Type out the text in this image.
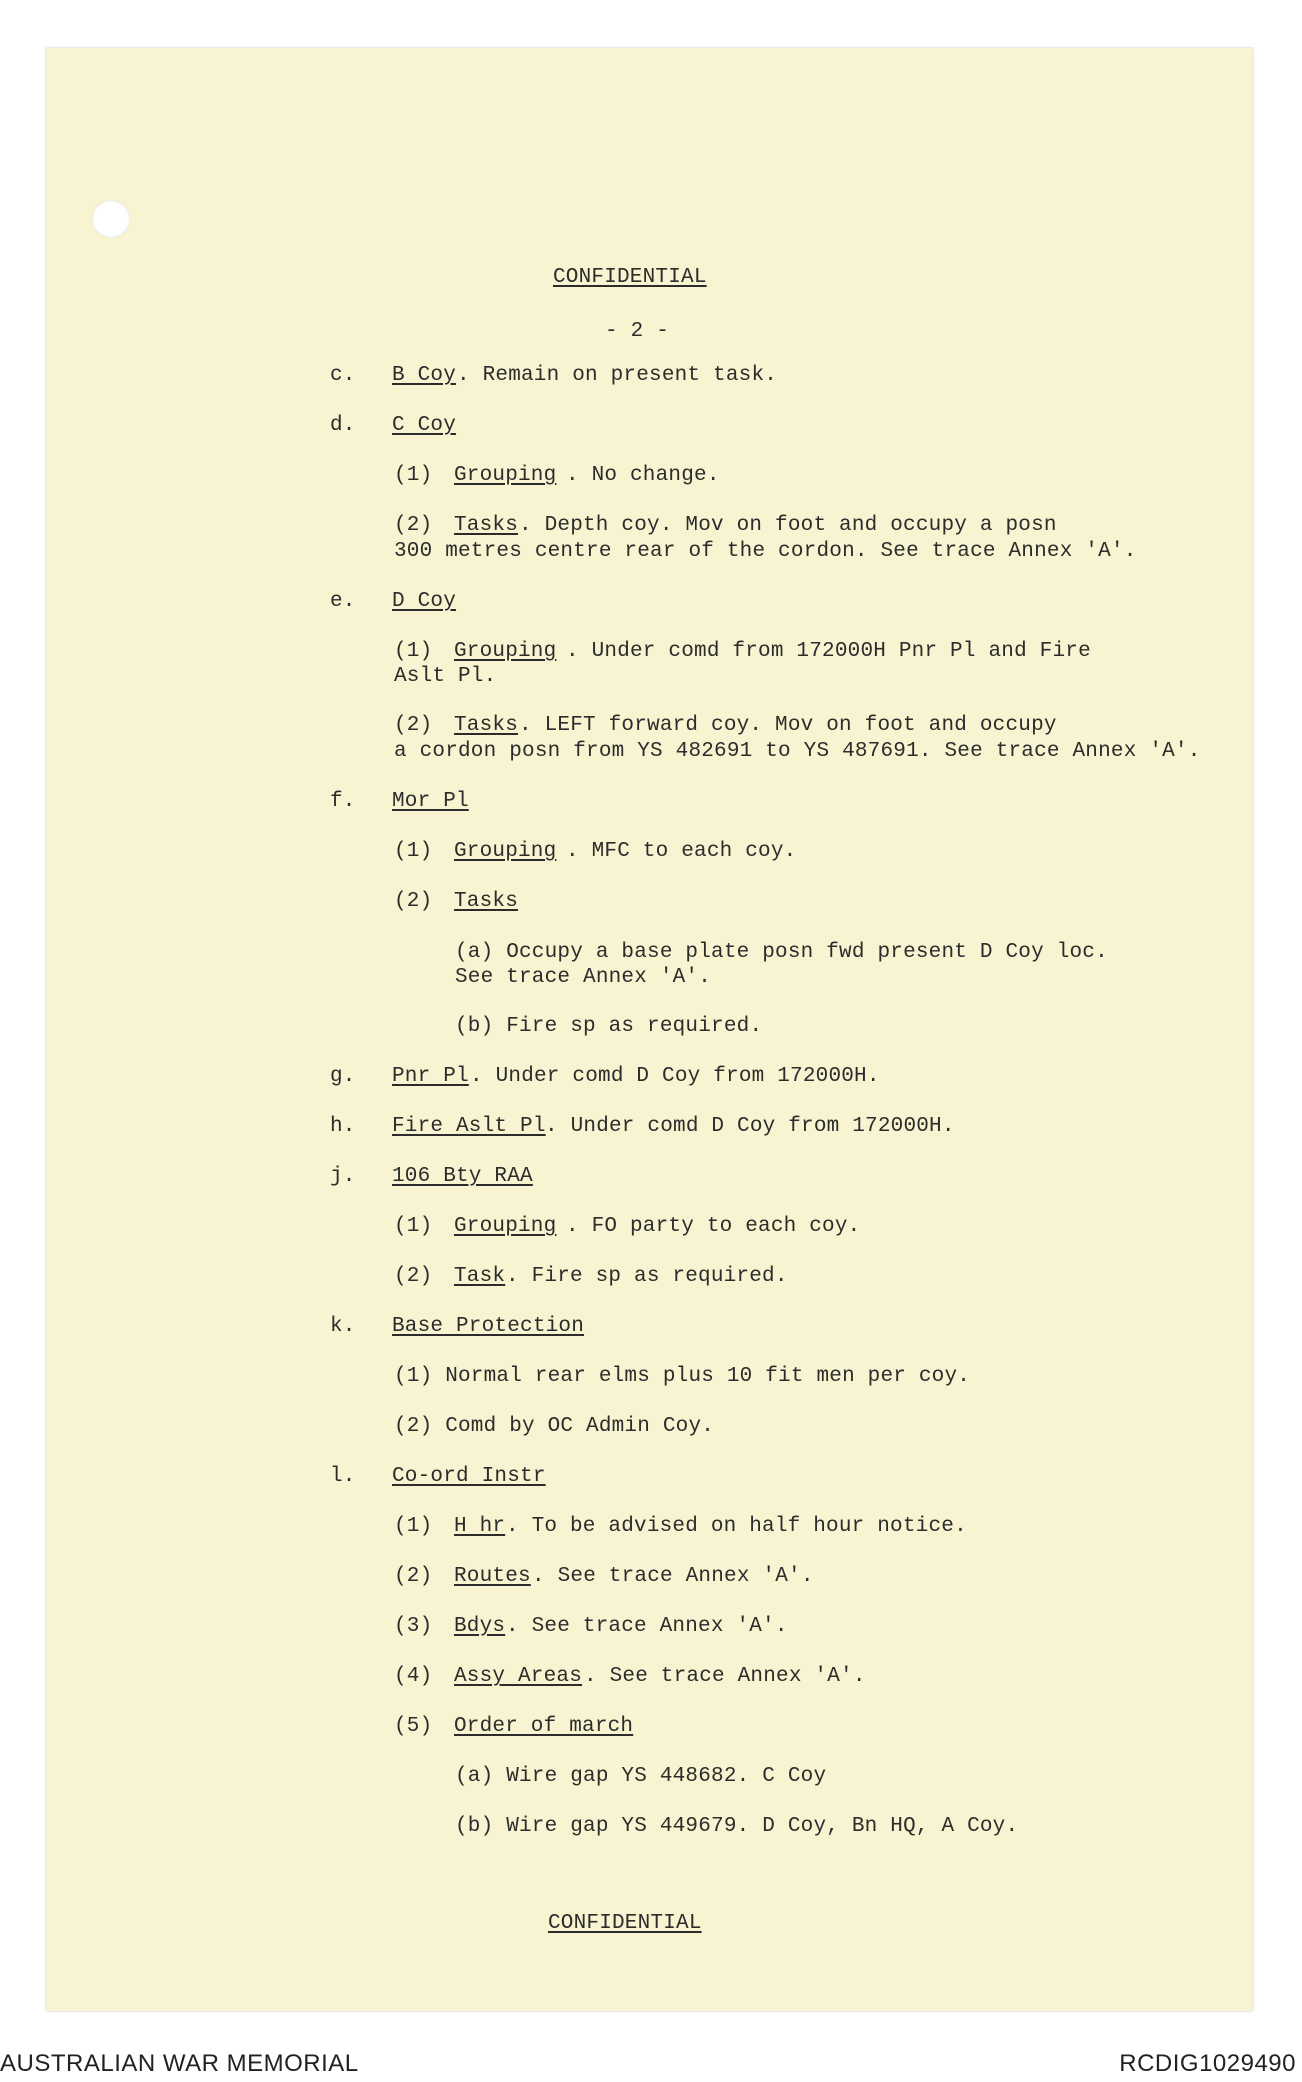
CONFIDENTIAL
- 2 -
c. B Coy . Remain on present task.
d. C Coy
(1) Grouping . No change.
(2) Tasks . Depth coy. Mov on foot and occupy a posn
300 metres centre rear of the cordon. See trace Annex 'A'.
e. D Coy
(1) Grouping . Under comd from 172000H Pnr Pl and Fire
Aslt Pl.
(2) Tasks . LEFT forward coy. Mov on foot and occupy
a cordon posn from YS 482691 to YS 487691. See trace Annex 'A'.
f. Mor Pl
(1) Grouping . MFC to each coy.
(2) Tasks
(a) Occupy a base plate posn fwd present D Coy loc.
See trace Annex 'A'.
(b) Fire sp as required.
g. Pnr Pl . Under comd D Coy from 172000H.
h. Fire Aslt Pl . Under comd D Coy from 172000H.
j. 106 Bty RAA
(1) Grouping . FO party to each coy.
(2) Task . Fire sp as required.
k. Base Protection
(1) Normal rear elms plus 10 fit men per coy.
(2) Comd by OC Admin Coy.
l. Co-ord Instr
(1) H hr . To be advised on half hour notice.
(2) Routes . See trace Annex 'A'.
(3) Bdys . See trace Annex 'A'.
(4) Assy Areas . See trace Annex 'A'.
(5) Order of march
(a) Wire gap YS 448682. C Coy
(b) Wire gap YS 449679. D Coy, Bn HQ, A Coy.
CONFIDENTIAL
AUSTRALIAN WAR MEMORIAL	RCDIG1029490
